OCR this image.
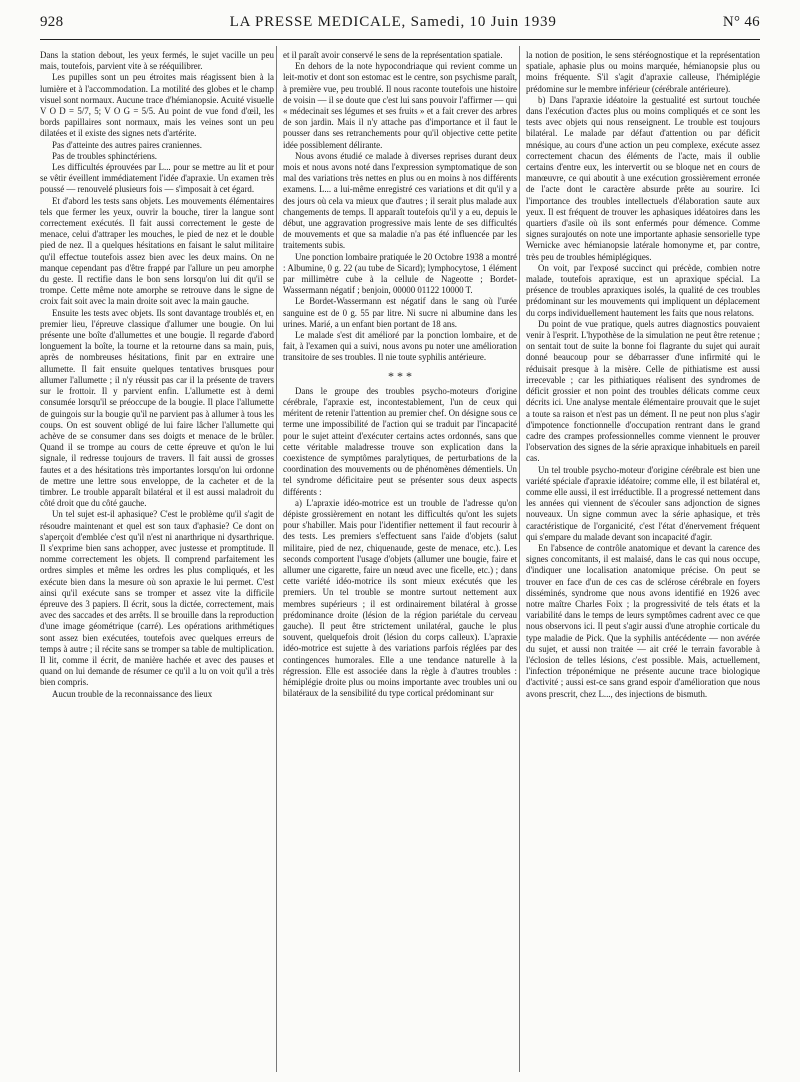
928	LA PRESSE MEDICALE, Samedi, 10 Juin 1939	N° 46

Dans la station debout, les yeux fermés, le sujet vacille un peu mais, toutefois, parvient vite à se rééquilibrer.

Les pupilles sont un peu étroites mais réagissent bien à la lumière et à l'accommodation. La motilité des globes et le champ visuel sont normaux. Aucune trace d'hémianopsie. Acuité visuelle V O D = 5/7, 5; V O G = 5/5. Au point de vue fond d'œil, les bords papillaires sont normaux, mais les veines sont un peu dilatées et il existe des signes nets d'artérite.

Pas d'atteinte des autres paires craniennes.

Pas de troubles sphinctériens.

Les difficultés éprouvées par L... pour se mettre au lit et pour se vêtir éveillent immédiatement l'idée d'apraxie. Un examen très poussé — renouvelé plusieurs fois — s'imposait à cet égard.

Et d'abord les tests sans objets. Les mouvements élémentaires tels que fermer les yeux, ouvrir la bouche, tirer la langue sont correctement exécutés. Il fait aussi correctement le geste de menace, celui d'attraper les mouches, le pied de nez et le double pied de nez. Il a quelques hésitations en faisant le salut militaire qu'il effectue toutefois assez bien avec les deux mains. On ne manque cependant pas d'être frappé par l'allure un peu amorphe du geste. Il rectifie dans le bon sens lorsqu'on lui dit qu'il se trompe. Cette même note amorphe se retrouve dans le signe de croix fait soit avec la main droite soit avec la main gauche.

Ensuite les tests avec objets. Ils sont davantage troublés et, en premier lieu, l'épreuve classique d'allumer une bougie. On lui présente une boîte d'allumettes et une bougie. Il regarde d'abord longuement la boîte, la tourne et la retourne dans sa main, puis, après de nombreuses hésitations, finit par en extraire une allumette. Il fait ensuite quelques tentatives brusques pour allumer l'allumette ; il n'y réussit pas car il la présente de travers sur le frottoir. Il y parvient enfin. L'allumette est à demi consumée lorsqu'il se préoccupe de la bougie. Il place l'allumette de guingois sur la bougie qu'il ne parvient pas à allumer à tous les coups. On est souvent obligé de lui faire lâcher l'allumette qui achève de se consumer dans ses doigts et menace de le brûler. Quand il se trompe au cours de cette épreuve et qu'on le lui signale, il redresse toujours de travers. Il fait aussi de grosses fautes et a des hésitations très importantes lorsqu'on lui ordonne de mettre une lettre sous enveloppe, de la cacheter et de la timbrer. Le trouble apparaît bilatéral et il est aussi maladroit du côté droit que du côté gauche.

Un tel sujet est-il aphasique? C'est le problème qu'il s'agit de résoudre maintenant et quel est son taux d'aphasie? Ce dont on s'aperçoit d'emblée c'est qu'il n'est ni anarthrique ni dysarthrique. Il s'exprime bien sans achopper, avec justesse et promptitude. Il nomme correctement les objets. Il comprend parfaitement les ordres simples et même les ordres les plus compliqués, et les exécute bien dans la mesure où son apraxie le lui permet. C'est ainsi qu'il exécute sans se tromper et assez vite la difficile épreuve des 3 papiers. Il écrit, sous la dictée, correctement, mais avec des saccades et des arrêts. Il se brouille dans la reproduction d'une image géométrique (carré). Les opérations arithmétiques sont assez bien exécutées, toutefois avec quelques erreurs de temps à autre ; il récite sans se tromper sa table de multiplication. Il lit, comme il écrit, de manière hachée et avec des pauses et quand on lui demande de résumer ce qu'il a lu on voit qu'il a très bien compris.

Aucun trouble de la reconnaissance des lieux

et il paraît avoir conservé le sens de la représentation spatiale.

En dehors de la note hypocondriaque qui revient comme un leit-motiv et dont son estomac est le centre, son psychisme paraît, à première vue, peu troublé. Il nous raconte toutefois une histoire de voisin — il se doute que c'est lui sans pouvoir l'affirmer — qui « médecinait ses légumes et ses fruits » et a fait crever des arbres de son jardin. Mais il n'y attache pas d'importance et il faut le pousser dans ses retranchements pour qu'il objective cette petite idée possiblement délirante.

Nous avons étudié ce malade à diverses reprises durant deux mois et nous avons noté dans l'expression symptomatique de son mal des variations très nettes en plus ou en moins à nos différents examens. L... a lui-même enregistré ces variations et dit qu'il y a des jours où cela va mieux que d'autres ; il serait plus malade aux changements de temps. Il apparaît toutefois qu'il y a eu, depuis le début, une aggravation progressive mais lente de ses difficultés de mouvements et que sa maladie n'a pas été influencée par les traitements subis.

Une ponction lombaire pratiquée le 20 Octobre 1938 a montré : Albumine, 0 g. 22 (au tube de Sicard); lymphocytose, 1 élément par millimètre cube à la cellule de Nageotte ; Bordet-Wassermann négatif ; benjoin, 00000 01122 10000 T.

Le Bordet-Wassermann est négatif dans le sang où l'urée sanguine est de 0 g. 55 par litre. Ni sucre ni albumine dans les urines. Marié, a un enfant bien portant de 18 ans.

Le malade s'est dit amélioré par la ponction lombaire, et de fait, à l'examen qui a suivi, nous avons pu noter une amélioration transitoire de ses troubles. Il nie toute syphilis antérieure.

* * *

Dans le groupe des troubles psycho-moteurs d'origine cérébrale, l'apraxie est, incontestablement, l'un de ceux qui méritent de retenir l'attention au premier chef. On désigne sous ce terme une impossibilité de l'action qui se traduit par l'incapacité pour le sujet atteint d'exécuter certains actes ordonnés, sans que cette véritable maladresse trouve son explication dans la coexistence de symptômes paralytiques, de perturbations de la coordination des mouvements ou de phénomènes démentiels. Un tel syndrome déficitaire peut se présenter sous deux aspects différents :

a) L'apraxie idéo-motrice est un trouble de l'adresse qu'on dépiste grossièrement en notant les difficultés qu'ont les sujets pour s'habiller. Mais pour l'identifier nettement il faut recourir à des tests. Les premiers s'effectuent sans l'aide d'objets (salut militaire, pied de nez, chiquenaude, geste de menace, etc.). Les seconds comportent l'usage d'objets (allumer une bougie, faire et allumer une cigarette, faire un nœud avec une ficelle, etc.) ; dans cette variété idéo-motrice ils sont mieux exécutés que les premiers. Un tel trouble se montre surtout nettement aux membres supérieurs ; il est ordinairement bilatéral à grosse prédominance droite (lésion de la région pariétale du cerveau gauche). Il peut être strictement unilatéral, gauche le plus souvent, quelquefois droit (lésion du corps calleux). L'apraxie idéo-motrice est sujette à des variations parfois réglées par des contingences humorales. Elle a une tendance naturelle à la régression. Elle est associée dans la règle à d'autres troubles : hémiplégie droite plus ou moins importante avec troubles uni ou bilatéraux de la sensibilité du type cortical prédominant sur

la notion de position, le sens stéréognostique et la représentation spatiale, aphasie plus ou moins marquée, hémianopsie plus ou moins fréquente. S'il s'agit d'apraxie calleuse, l'hémiplégie prédomine sur le membre inférieur (cérébrale antérieure).

b) Dans l'apraxie idéatoire la gestualité est surtout touchée dans l'exécution d'actes plus ou moins compliqués et ce sont les tests avec objets qui nous renseignent. Le trouble est toujours bilatéral. Le malade par défaut d'attention ou par déficit mnésique, au cours d'une action un peu complexe, exécute assez correctement chacun des éléments de l'acte, mais il oublie certains d'entre eux, les intervertit ou se bloque net en cours de manœuvre, ce qui aboutit à une exécution grossièrement erronée de l'acte dont le caractère absurde prête au sourire. Ici l'importance des troubles intellectuels d'élaboration saute aux yeux. Il est fréquent de trouver les aphasiques idéatoires dans les quartiers d'asile où ils sont enfermés pour démence. Comme signes surajoutés on note une importante aphasie sensorielle type Wernicke avec hémianopsie latérale homonyme et, par contre, très peu de troubles hémiplégiques.

On voit, par l'exposé succinct qui précède, combien notre malade, toutefois apraxique, est un apraxique spécial. La présence de troubles apraxiques isolés, la qualité de ces troubles prédominant sur les mouvements qui impliquent un déplacement du corps individuellement hautement les faits que nous relatons.

Du point de vue pratique, quels autres diagnostics pouvaient venir à l'esprit. L'hypothèse de la simulation ne peut être retenue ; on sentait tout de suite la bonne foi flagrante du sujet qui aurait donné beaucoup pour se débarrasser d'une infirmité qui le réduisait presque à la misère. Celle de pithiatisme est aussi irrecevable ; car les pithiatiques réalisent des syndromes de déficit grossier et non point des troubles délicats comme ceux décrits ici. Une analyse mentale élémentaire prouvait que le sujet a toute sa raison et n'est pas un dément. Il ne peut non plus s'agir d'impotence fonctionnelle d'occupation rentrant dans le grand cadre des crampes professionnelles comme viennent le prouver l'observation des signes de la série apraxique inhabituels en pareil cas.

Un tel trouble psycho-moteur d'origine cérébrale est bien une variété spéciale d'apraxie idéatoire; comme elle, il est bilatéral et, comme elle aussi, il est irréductible. Il a progressé nettement dans les années qui viennent de s'écouler sans adjonction de signes nouveaux. Un signe commun avec la série aphasique, et très caractéristique de l'organicité, c'est l'état d'énervement fréquent qui s'empare du malade devant son incapacité d'agir.

En l'absence de contrôle anatomique et devant la carence des signes concomitants, il est malaisé, dans le cas qui nous occupe, d'indiquer une localisation anatomique précise. On peut se trouver en face d'un de ces cas de sclérose cérébrale en foyers disséminés, syndrome que nous avons identifié en 1926 avec notre maître Charles Foix ; la progressivité de tels états et la variabilité dans le temps de leurs symptômes cadrent avec ce que nous observons ici. Il peut s'agir aussi d'une atrophie corticale du type maladie de Pick. Que la syphilis antécédente — non avérée du sujet, et aussi non traitée — ait créé le terrain favorable à l'éclosion de telles lésions, c'est possible. Mais, actuellement, l'infection tréponémique ne présente aucune trace biologique d'activité ; aussi est-ce sans grand espoir d'amélioration que nous avons prescrit, chez L..., des injections de bismuth.
